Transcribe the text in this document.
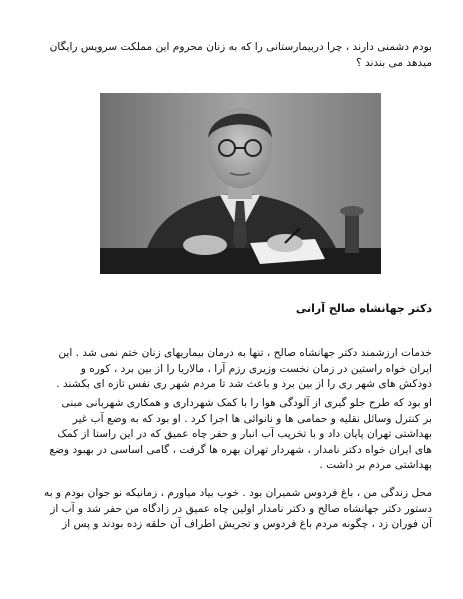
بودم دشمنی دارند ، چرا دربیمارستانی را که به زنان محروم این مملکت سرویس رایگان
میدهد می بندند ؟

دکتر جهانشاه صالح آرانی

خدمات ارزشمند دکتر جهانشاه صالح ، تنها به درمان بیماریهای زنان ختم نمی شد . این
ایران خواه راستین در زمان نخست وزیری رزم آرا ، مالاریا را از بین برد ، کوره و
دودکش های شهر ری را از بین برد و باعث شد تا مردم شهر ری نفس تازه ای بکشند .

او بود که طرح جلو گیری از آلودگی هوا را با کمک شهرداری و همکاری شهربانی مبنی
بر کنترل وسائل نقلیه و حمامی ها و نانوائی ها اجرا کرد . او بود که به وضع آب غیر
بهداشتی تهران پایان داد و با تخریب آب انبار و حفر چاه عمیق که در این راستا از کمک
های ایران خواه دکتر نامدار ، شهردار تهران بهره ها گرفت ، گامی اساسی در بهبود وضع
بهداشتی مردم بر داشت .

محل زندگی من ، باغ فردوس شمیران بود . خوب بیاد میاورم ، زمانیکه نو جوان بودم و به
دستور دکتر جهانشاه صالح و دکتر نامدار اولین چاه عمیق در زادگاه من حفر شد و آب از
آن فوران زد ، چگونه مردم باغ فردوس و تجریش اطراف آن حلقه زده بودند و پس از
